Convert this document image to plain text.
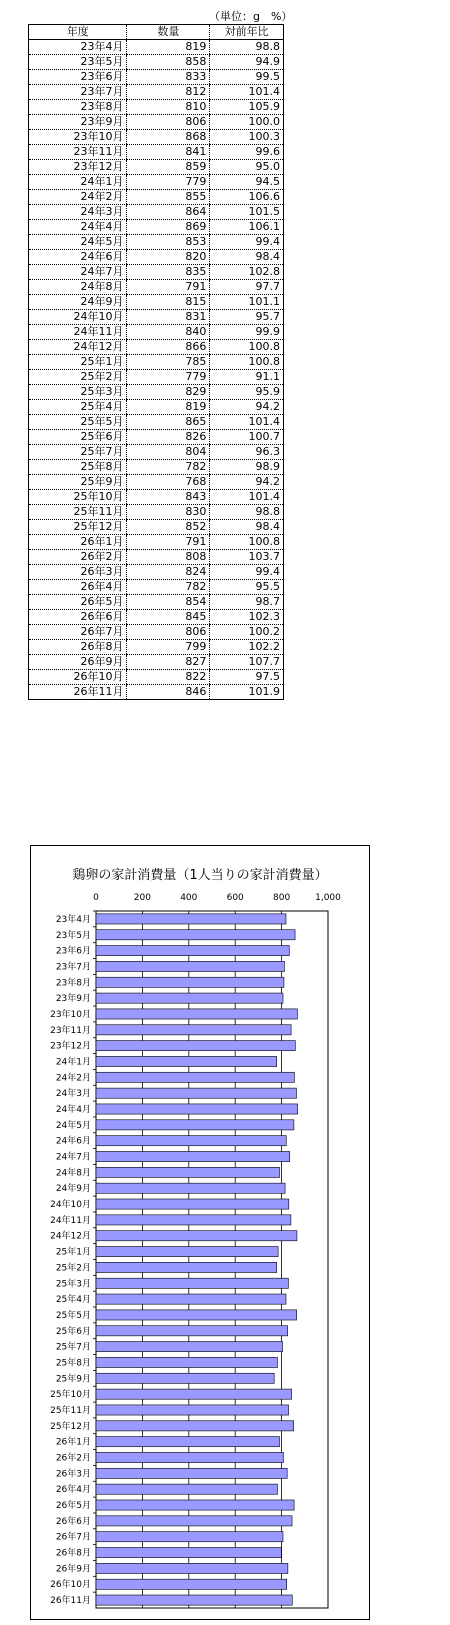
（単位：g　%）
年度	数量	対前年比
23年4月	819	98.8
23年5月	858	94.9
23年6月	833	99.5
23年7月	812	101.4
23年8月	810	105.9
23年9月	806	100.0
23年10月	868	100.3
23年11月	841	99.6
23年12月	859	95.0
24年1月	779	94.5
24年2月	855	106.6
24年3月	864	101.5
24年4月	869	106.1
24年5月	853	99.4
24年6月	820	98.4
24年7月	835	102.8
24年8月	791	97.7
24年9月	815	101.1
24年10月	831	95.7
24年11月	840	99.9
24年12月	866	100.8
25年1月	785	100.8
25年2月	779	91.1
25年3月	829	95.9
25年4月	819	94.2
25年5月	865	101.4
25年6月	826	100.7
25年7月	804	96.3
25年8月	782	98.9
25年9月	768	94.2
25年10月	843	101.4
25年11月	830	98.8
25年12月	852	98.4
26年1月	791	100.8
26年2月	808	103.7
26年3月	824	99.4
26年4月	782	95.5
26年5月	854	98.7
26年6月	845	102.3
26年7月	806	100.2
26年8月	799	102.2
26年9月	827	107.7
26年10月	822	97.5
26年11月	846	101.9
鶏卵の家計消費量（1人当りの家計消費量）
0	200	400	600	800	1,000
23年4月
23年5月
23年6月
23年7月
23年8月
23年9月
23年10月
23年11月
23年12月
24年1月
24年2月
24年3月
24年4月
24年5月
24年6月
24年7月
24年8月
24年9月
24年10月
24年11月
24年12月
25年1月
25年2月
25年3月
25年4月
25年5月
25年6月
25年7月
25年8月
25年9月
25年10月
25年11月
25年12月
26年1月
26年2月
26年3月
26年4月
26年5月
26年6月
26年7月
26年8月
26年9月
26年10月
26年11月
